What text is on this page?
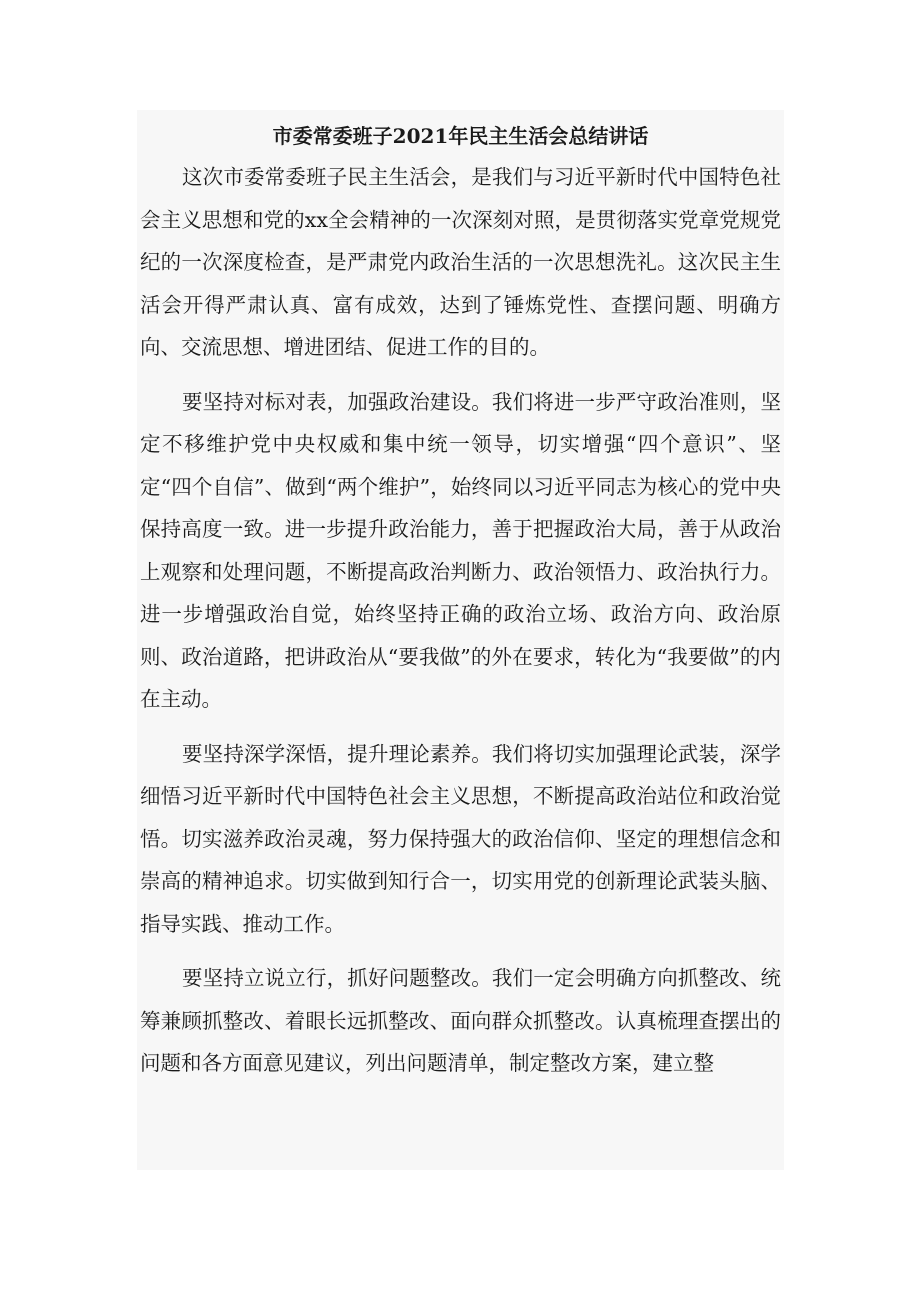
市委常委班子2021年民主生活会总结讲话

这次市委常委班子民主生活会，是我们与习近平新时代中国特色社会主义思想和党的xx全会精神的一次深刻对照，是贯彻落实党章党规党纪的一次深度检查，是严肃党内政治生活的一次思想洗礼。这次民主生活会开得严肃认真、富有成效，达到了锤炼党性、查摆问题、明确方向、交流思想、增进团结、促进工作的目的。

要坚持对标对表，加强政治建设。我们将进一步严守政治准则，坚定不移维护党中央权威和集中统一领导，切实增强“四个意识”、坚定“四个自信”、做到“两个维护”，始终同以习近平同志为核心的党中央保持高度一致。进一步提升政治能力，善于把握政治大局，善于从政治上观察和处理问题，不断提高政治判断力、政治领悟力、政治执行力。进一步增强政治自觉，始终坚持正确的政治立场、政治方向、政治原则、政治道路，把讲政治从“要我做”的外在要求，转化为“我要做”的内在主动。

要坚持深学深悟，提升理论素养。我们将切实加强理论武装，深学细悟习近平新时代中国特色社会主义思想，不断提高政治站位和政治觉悟。切实滋养政治灵魂，努力保持强大的政治信仰、坚定的理想信念和崇高的精神追求。切实做到知行合一，切实用党的创新理论武装头脑、指导实践、推动工作。

要坚持立说立行，抓好问题整改。我们一定会明确方向抓整改、统筹兼顾抓整改、着眼长远抓整改、面向群众抓整改。认真梳理查摆出的问题和各方面意见建议，列出问题清单，制定整改方案，建立整
